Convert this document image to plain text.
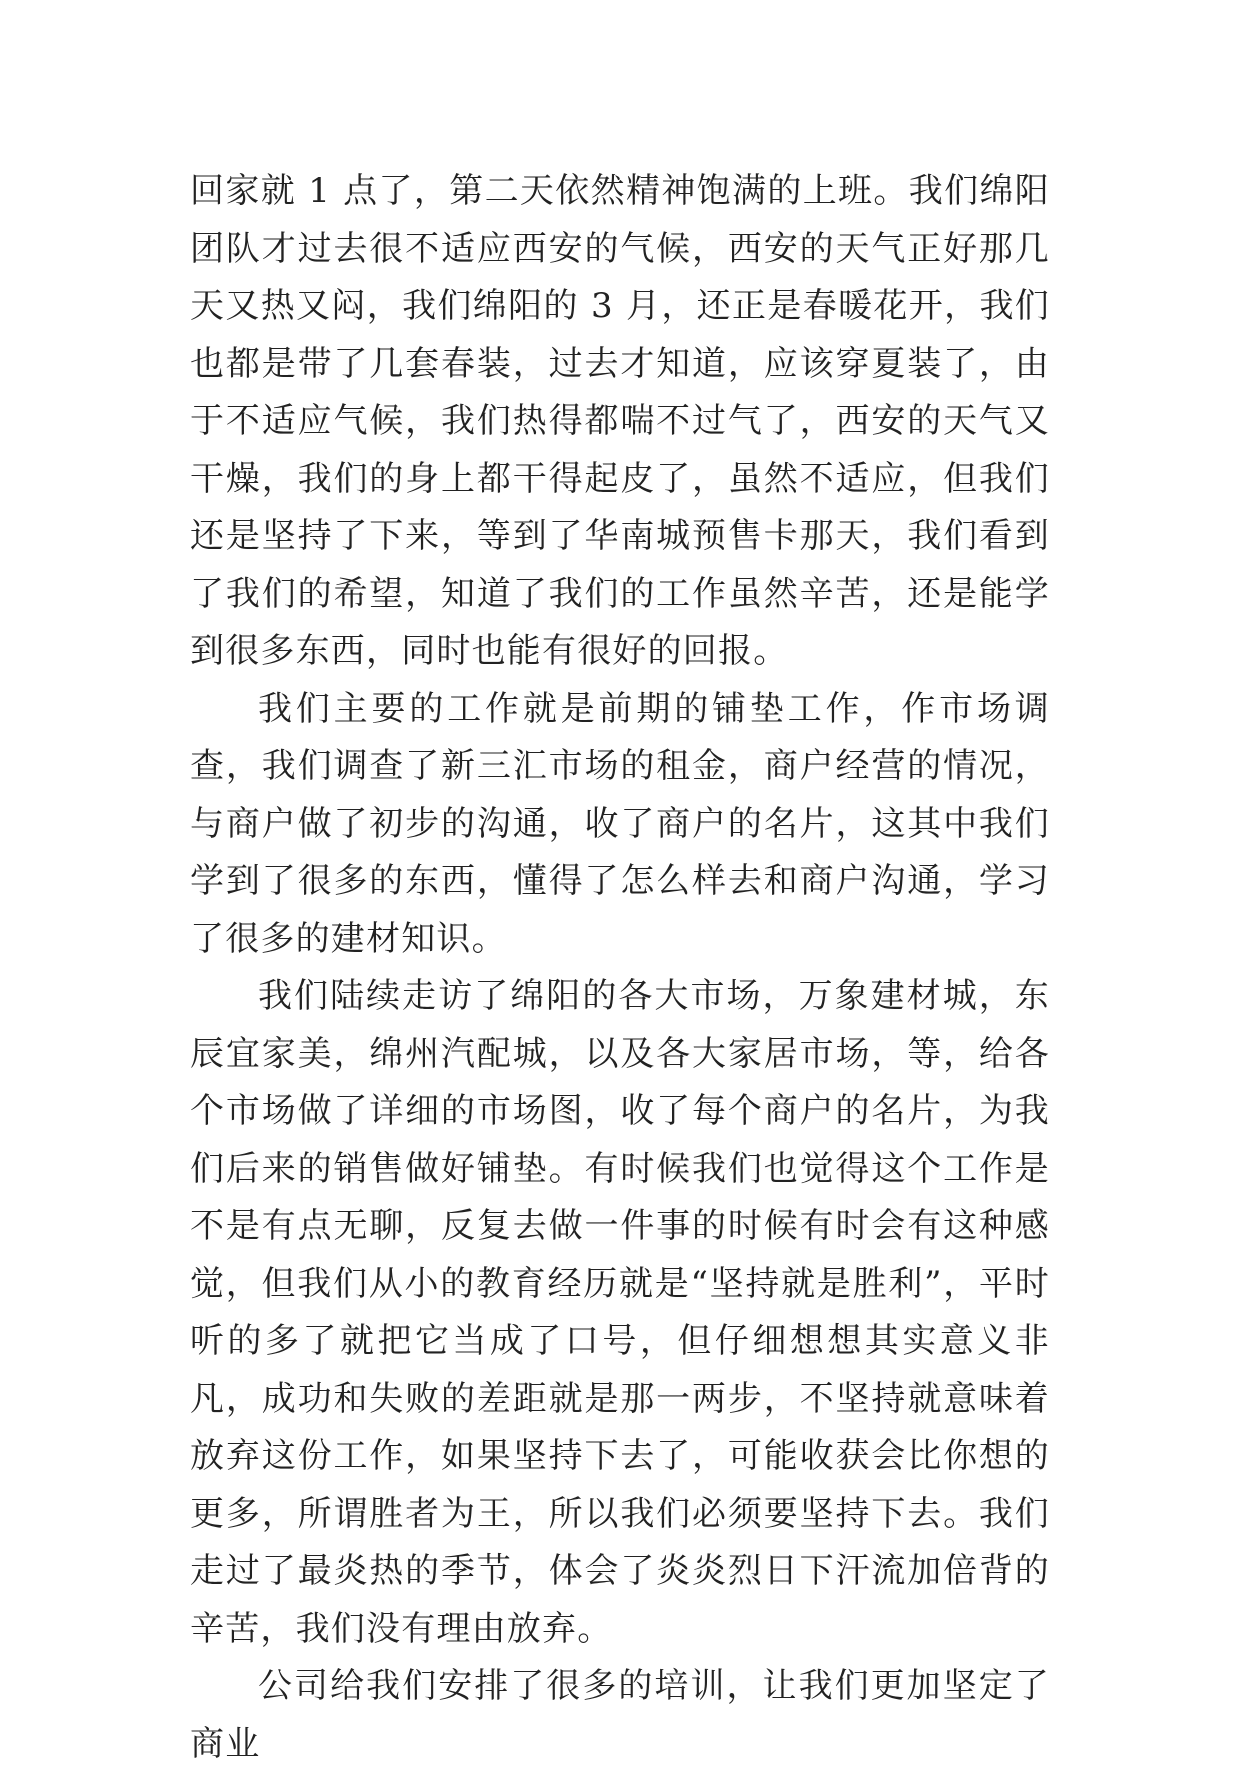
回家就 1 点了，第二天依然精神饱满的上班。我们绵阳团队才过去很不适应西安的气候，西安的天气正好那几天又热又闷，我们绵阳的 3 月，还正是春暖花开，我们也都是带了几套春装，过去才知道，应该穿夏装了，由于不适应气候，我们热得都喘不过气了，西安的天气又干燥，我们的身上都干得起皮了，虽然不适应，但我们还是坚持了下来，等到了华南城预售卡那天，我们看到了我们的希望，知道了我们的工作虽然辛苦，还是能学到很多东西，同时也能有很好的回报。

我们主要的工作就是前期的铺垫工作，作市场调查，我们调查了新三汇市场的租金，商户经营的情况，与商户做了初步的沟通，收了商户的名片，这其中我们学到了很多的东西，懂得了怎么样去和商户沟通，学习了很多的建材知识。

我们陆续走访了绵阳的各大市场，万象建材城，东辰宜家美，绵州汽配城，以及各大家居市场，等，给各个市场做了详细的市场图，收了每个商户的名片，为我们后来的销售做好铺垫。有时候我们也觉得这个工作是不是有点无聊，反复去做一件事的时候有时会有这种感觉，但我们从小的教育经历就是“坚持就是胜利”，平时听的多了就把它当成了口号，但仔细想想其实意义非凡，成功和失败的差距就是那一两步，不坚持就意味着放弃这份工作，如果坚持下去了，可能收获会比你想的更多，所谓胜者为王，所以我们必须要坚持下去。我们走过了最炎热的季节，体会了炎炎烈日下汗流加倍背的辛苦，我们没有理由放弃。

公司给我们安排了很多的培训，让我们更加坚定了商业
